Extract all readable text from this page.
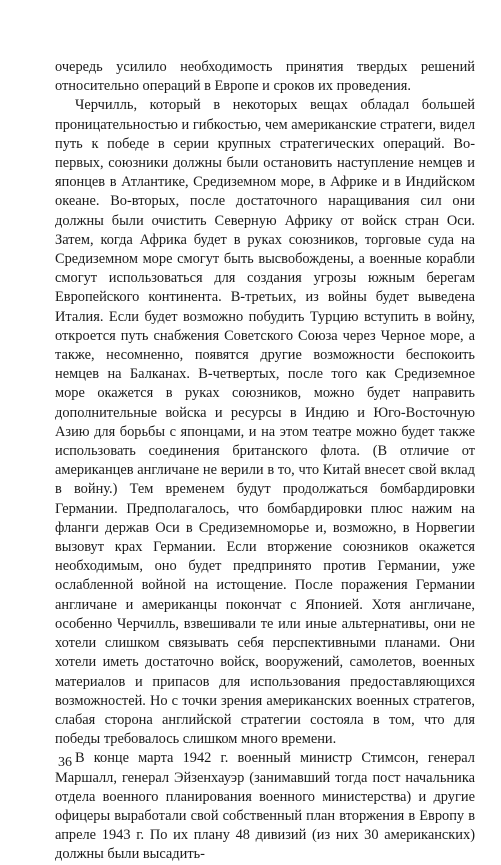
очередь усилило необходимость принятия твердых решений относительно операций в Европе и сроков их проведения.

Черчилль, который в некоторых вещах обладал большей проницательностью и гибкостью, чем американские стратеги, видел путь к победе в серии крупных стратегических операций. Во-первых, союзники должны были остановить наступление немцев и японцев в Атлантике, Средиземном море, в Африке и в Индийском океане. Во-вторых, после достаточного наращивания сил они должны были очистить Северную Африку от войск стран Оси. Затем, когда Африка будет в руках союзников, торговые суда на Средиземном море смогут быть высвобождены, а военные корабли смогут использоваться для создания угрозы южным берегам Европейского континента. В-третьих, из войны будет выведена Италия. Если будет возможно побудить Турцию вступить в войну, откроется путь снабжения Советского Союза через Черное море, а также, несомненно, появятся другие возможности беспокоить немцев на Балканах. В-четвертых, после того как Средиземное море окажется в руках союзников, можно будет направить дополнительные войска и ресурсы в Индию и Юго-Восточную Азию для борьбы с японцами, и на этом театре можно будет также использовать соединения британского флота. (В отличие от американцев англичане не верили в то, что Китай внесет свой вклад в войну.) Тем временем будут продолжаться бомбардировки Германии. Предполагалось, что бомбардировки плюс нажим на фланги держав Оси в Средиземноморье и, возможно, в Норвегии вызовут крах Германии. Если вторжение союзников окажется необходимым, оно будет предпринято против Германии, уже ослабленной войной на истощение. После поражения Германии англичане и американцы покончат с Японией. Хотя англичане, особенно Черчилль, взвешивали те или иные альтернативы, они не хотели слишком связывать себя перспективными планами. Они хотели иметь достаточно войск, вооружений, самолетов, военных материалов и припасов для использования предоставляющихся возможностей. Но с точки зрения американских военных стратегов, слабая сторона английской стратегии состояла в том, что для победы требовалось слишком много времени.

В конце марта 1942 г. военный министр Стимсон, генерал Маршалл, генерал Эйзенхауэр (занимавший тогда пост начальника отдела военного планирования военного министерства) и другие офицеры выработали свой собственный план вторжения в Европу в апреле 1943 г. По их плану 48 дивизий (из них 30 американских) должны были высадить-

36
